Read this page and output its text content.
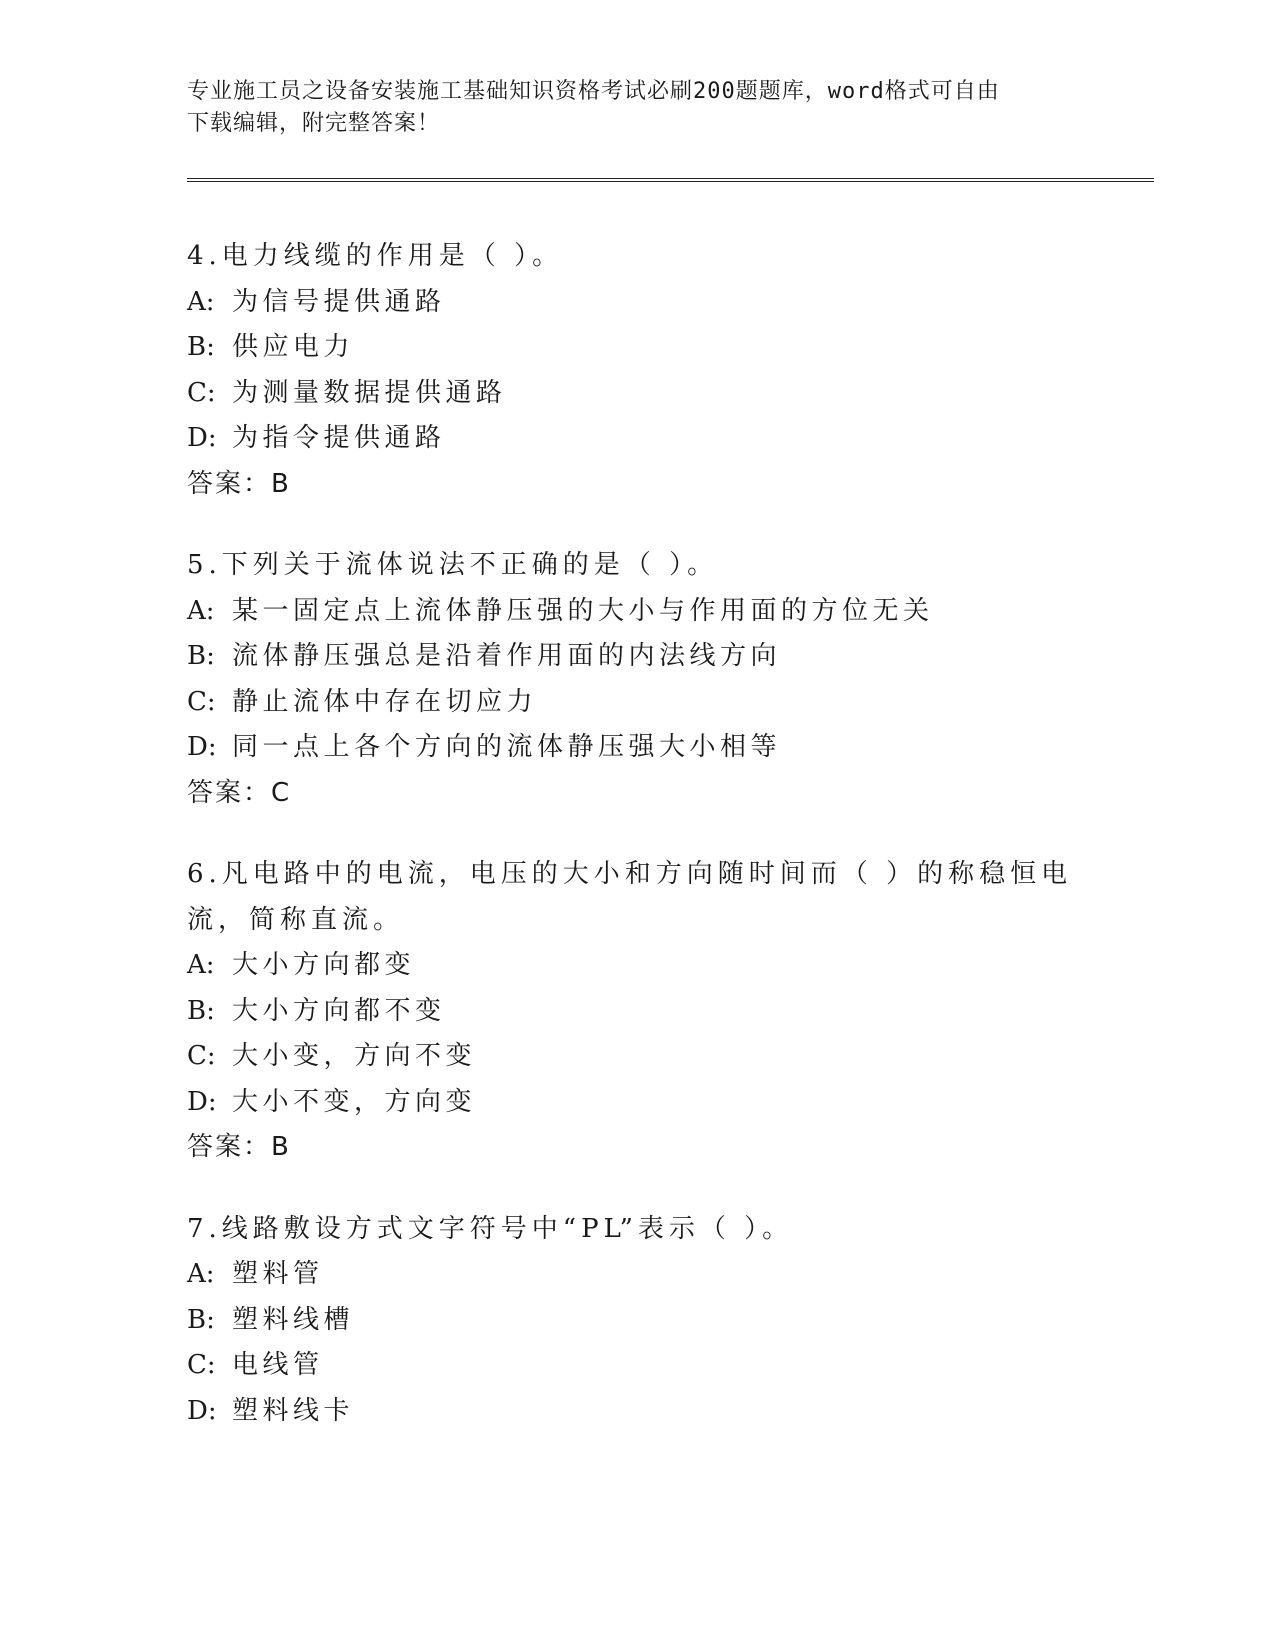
专业施工员之设备安装施工基础知识资格考试必刷200题题库，word格式可自由
下载编辑，附完整答案！
4.电力线缆的作用是（ ）。
A: 为信号提供通路
B: 供应电力
C: 为测量数据提供通路
D: 为指令提供通路
答案：B
5.下列关于流体说法不正确的是（ ）。
A: 某一固定点上流体静压强的大小与作用面的方位无关
B: 流体静压强总是沿着作用面的内法线方向
C: 静止流体中存在切应力
D: 同一点上各个方向的流体静压强大小相等
答案：C
6.凡电路中的电流，电压的大小和方向随时间而（ ）的称稳恒电流，简称直流。
A: 大小方向都变
B: 大小方向都不变
C: 大小变，方向不变
D: 大小不变，方向变
答案：B
7.线路敷设方式文字符号中“PL”表示（ ）。
A: 塑料管
B: 塑料线槽
C: 电线管
D: 塑料线卡
